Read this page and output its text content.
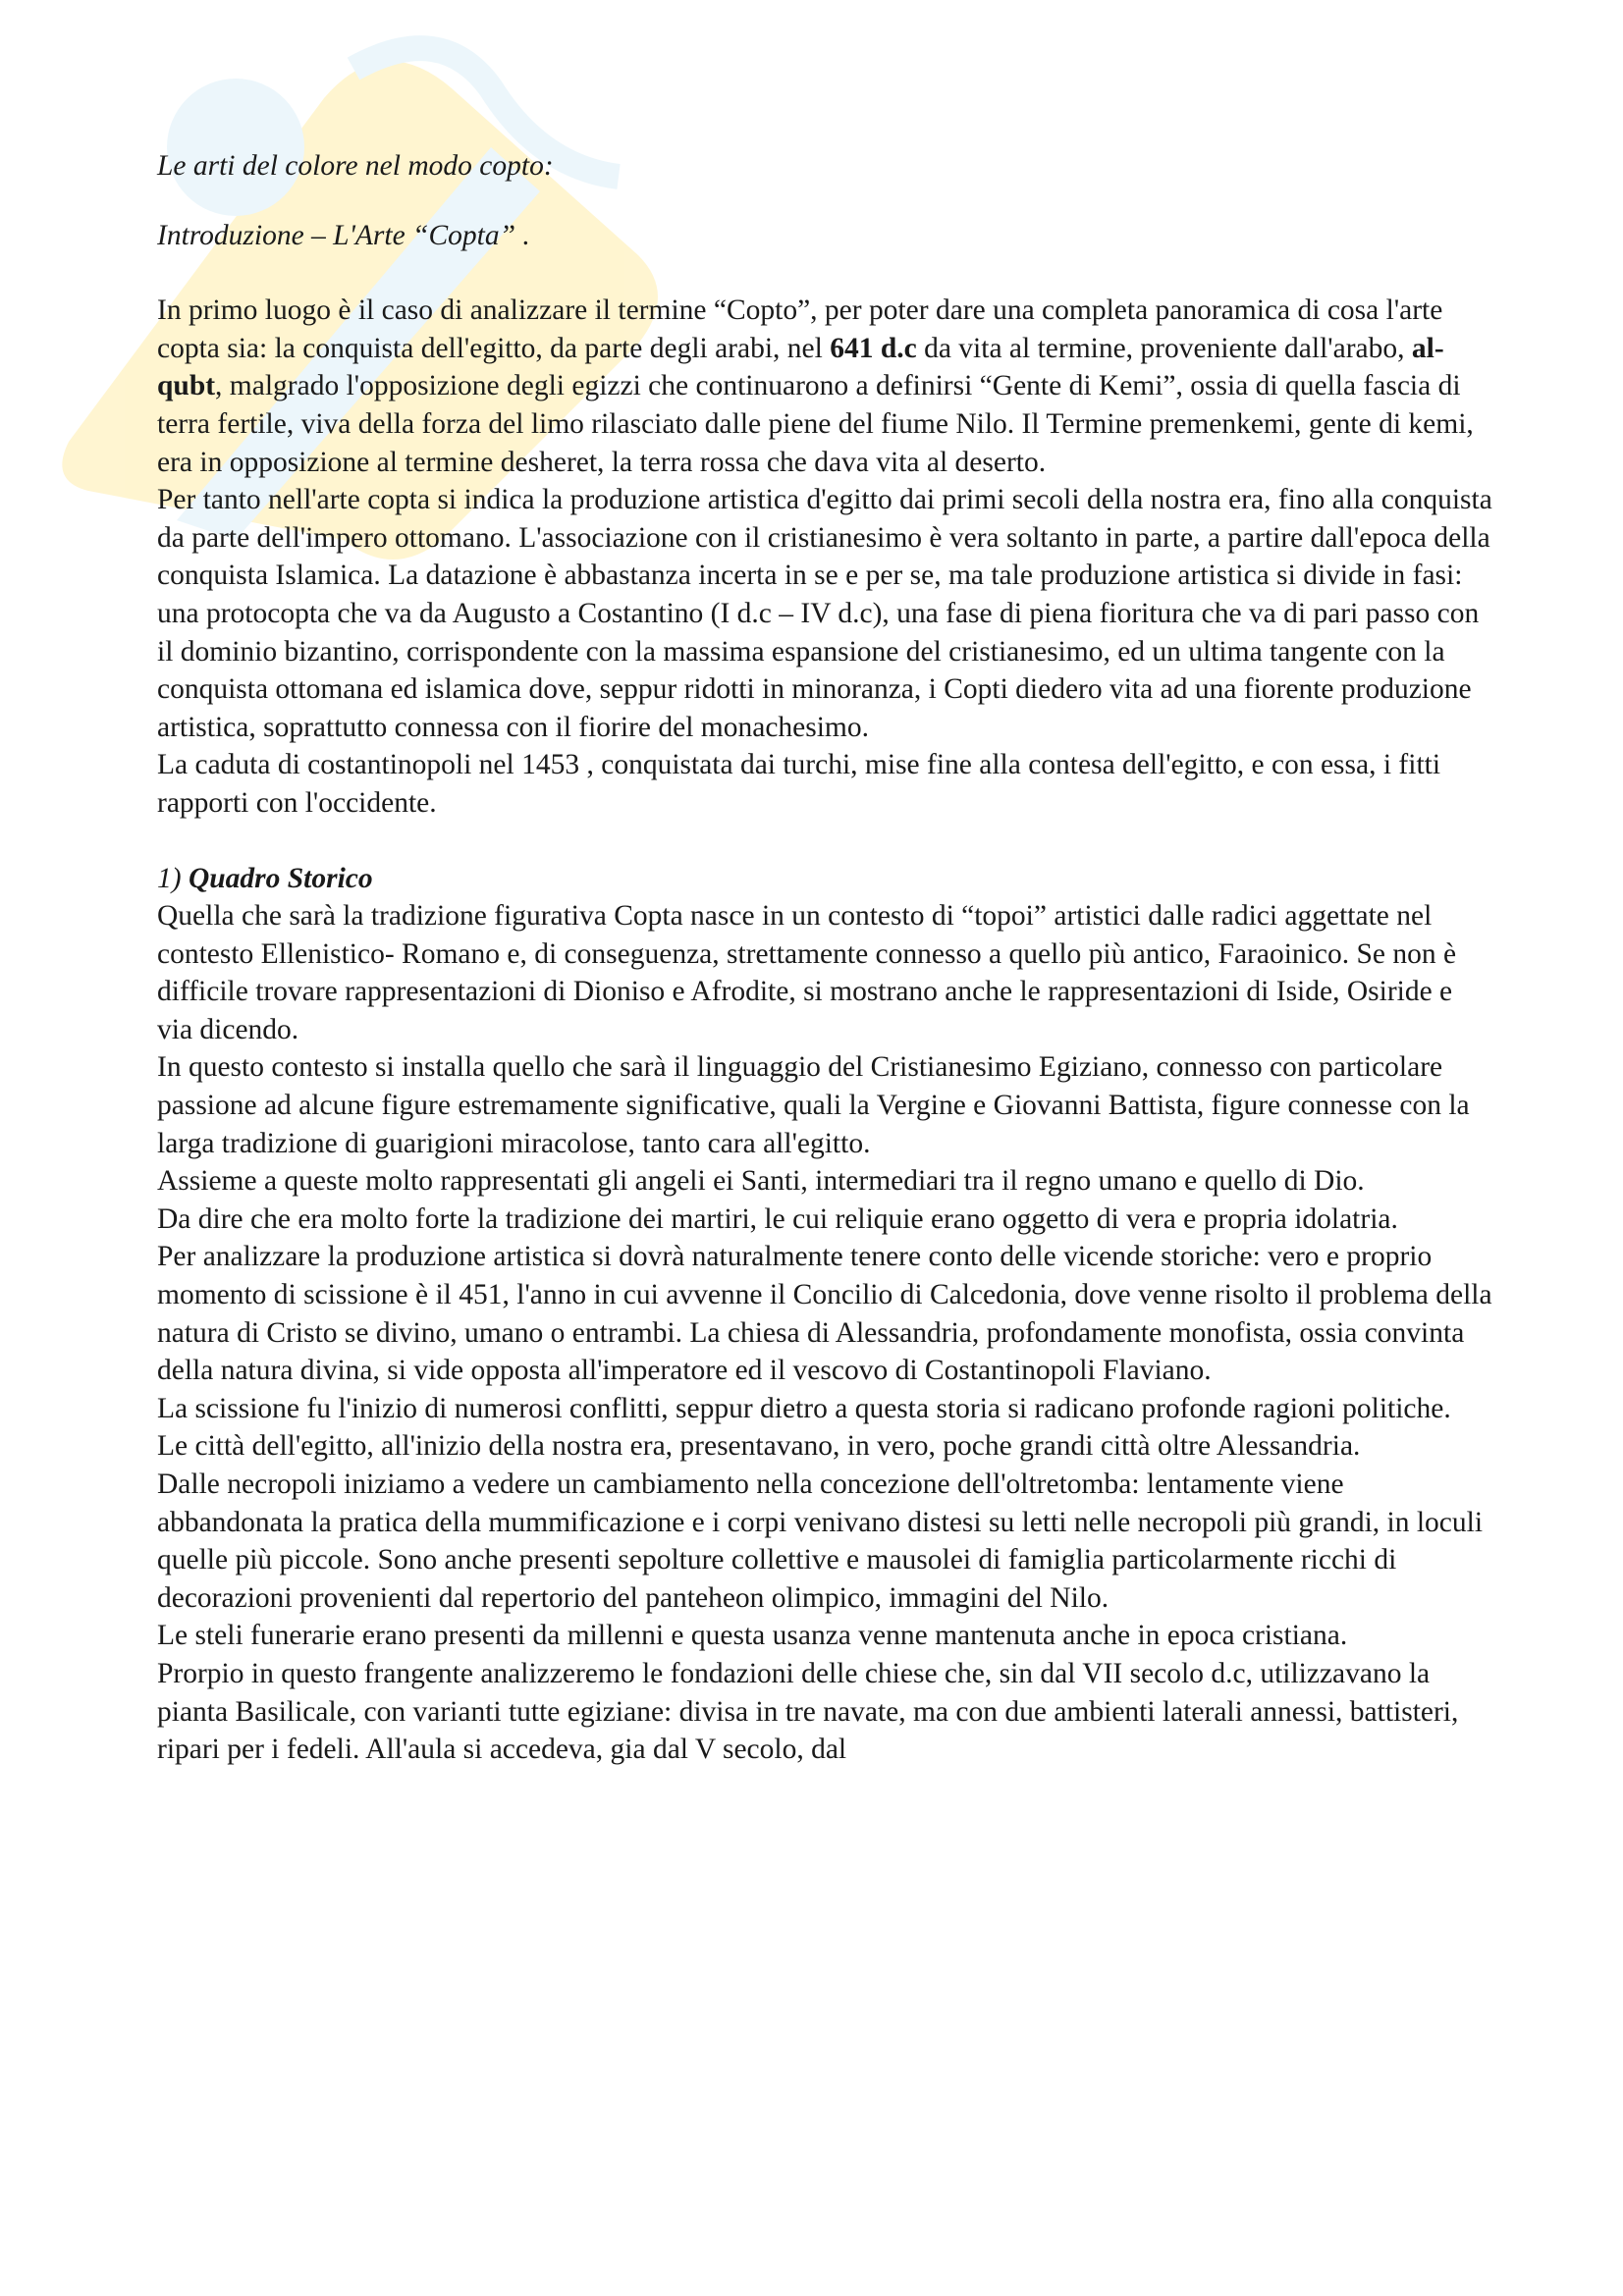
Le arti del colore nel modo copto:

Introduzione – L'Arte “Copta” .

In primo luogo è il caso di analizzare il termine “Copto”, per poter dare una completa panoramica di cosa l'arte copta sia: la conquista dell'egitto, da parte degli arabi, nel 641 d.c da vita al termine, proveniente dall'arabo, al-qubt, malgrado l'opposizione degli egizzi che continuarono a definirsi “Gente di Kemi”, ossia di quella fascia di terra fertile, viva della forza del limo rilasciato dalle piene del fiume Nilo. Il Termine premenkemi, gente di kemi, era in opposizione al termine desheret, la terra rossa che dava vita al deserto.

Per tanto nell'arte copta si indica la produzione artistica d'egitto dai primi secoli della nostra era, fino alla conquista da parte dell'impero ottomano. L'associazione con il cristianesimo è vera soltanto in parte, a partire dall'epoca della conquista Islamica. La datazione è abbastanza incerta in se e per se, ma tale produzione artistica si divide in fasi: una protocopta che va da Augusto a Costantino (I d.c – IV d.c), una fase di piena fioritura che va di pari passo con il dominio bizantino, corrispondente con la massima espansione del cristianesimo, ed un ultima tangente con la conquista ottomana ed islamica dove, seppur ridotti in minoranza, i Copti diedero vita ad una fiorente produzione artistica, soprattutto connessa con il fiorire del monachesimo.

La caduta di costantinopoli nel 1453 , conquistata dai turchi, mise fine alla contesa dell'egitto, e con essa, i fitti rapporti con l'occidente.

1) Quadro Storico

Quella che sarà la tradizione figurativa Copta nasce in un contesto di “topoi” artistici dalle radici aggettate nel contesto Ellenistico- Romano e, di conseguenza, strettamente connesso a quello più antico, Faraoinico. Se non è difficile trovare rappresentazioni di Dioniso e Afrodite, si mostrano anche le rappresentazioni di Iside, Osiride e via dicendo.

In questo contesto si installa quello che sarà il linguaggio del Cristianesimo Egiziano, connesso con particolare passione ad alcune figure estremamente significative, quali la Vergine e Giovanni Battista, figure connesse con la larga tradizione di guarigioni miracolose, tanto cara all'egitto.

Assieme a queste molto rappresentati gli angeli ei Santi, intermediari tra il regno umano e quello di Dio.

Da dire che era molto forte la tradizione dei martiri, le cui reliquie erano oggetto di vera e propria idolatria.

Per analizzare la produzione artistica si dovrà naturalmente tenere conto delle vicende storiche: vero e proprio momento di scissione è il 451, l'anno in cui avvenne il Concilio di Calcedonia, dove venne risolto il problema della natura di Cristo se divino, umano o entrambi. La chiesa di Alessandria, profondamente monofista, ossia convinta della natura divina, si vide opposta all'imperatore ed il vescovo di Costantinopoli Flaviano.

La scissione fu l'inizio di numerosi conflitti, seppur dietro a questa storia si radicano profonde ragioni politiche.

Le città dell'egitto, all'inizio della nostra era, presentavano, in vero, poche grandi città oltre Alessandria.

Dalle necropoli iniziamo a vedere un cambiamento nella concezione dell'oltretomba: lentamente viene abbandonata la pratica della mummificazione e i corpi venivano distesi su letti nelle necropoli più grandi, in loculi quelle più piccole. Sono anche presenti sepolture collettive e mausolei di famiglia particolarmente ricchi di decorazioni provenienti dal repertorio del panteheon olimpico, immagini del Nilo.

Le steli funerarie erano presenti da millenni e questa usanza venne mantenuta anche in epoca cristiana.

Prorpio in questo frangente analizzeremo le fondazioni delle chiese che, sin dal VII secolo d.c, utilizzavano la pianta Basilicale, con varianti tutte egiziane: divisa in tre navate, ma con due ambienti laterali annessi, battisteri, ripari per i fedeli. All'aula si accedeva, gia dal V secolo, dal
